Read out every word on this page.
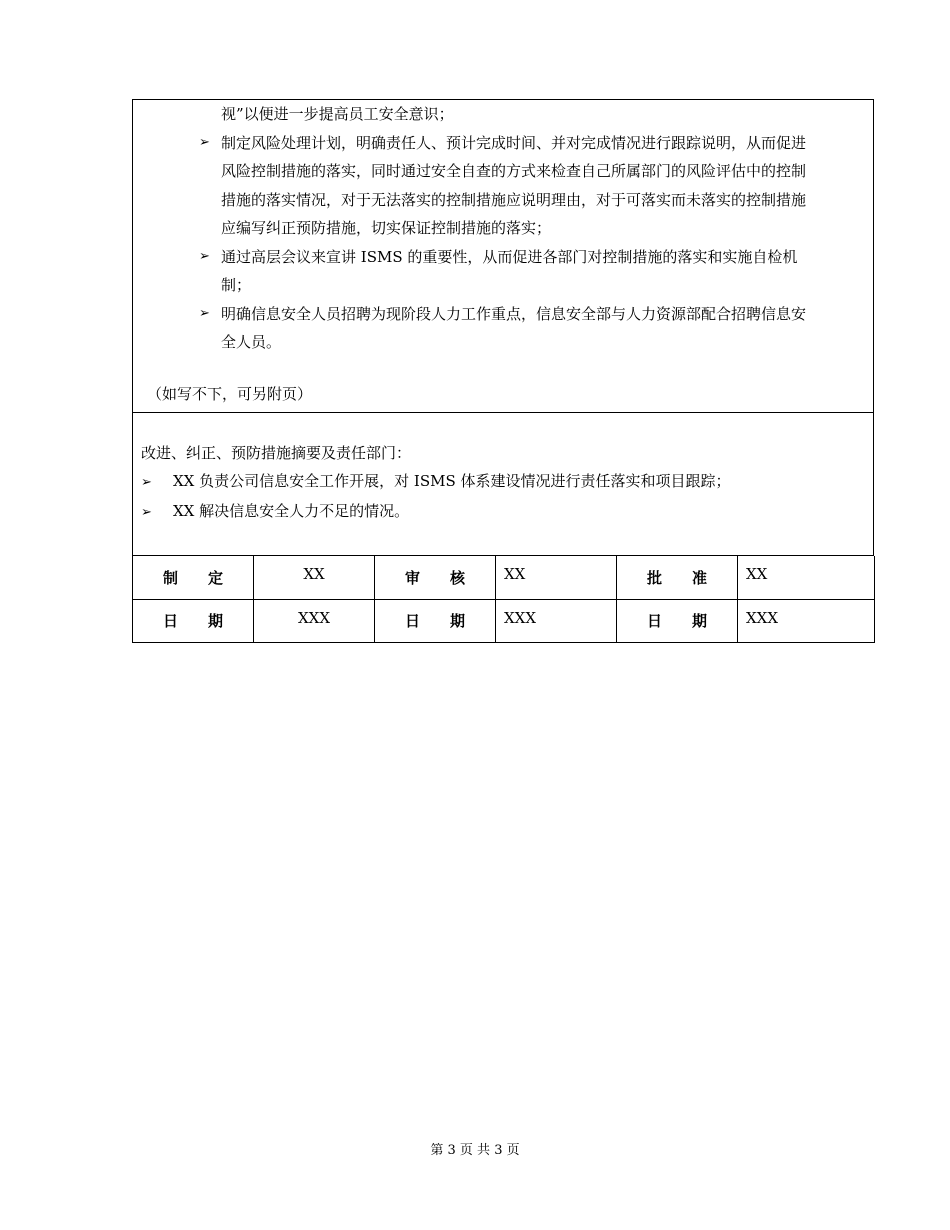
视”以便进一步提高员工安全意识；
➢ 制定风险处理计划，明确责任人、预计完成时间、并对完成情况进行跟踪说明，从而促进
风险控制措施的落实，同时通过安全自查的方式来检查自己所属部门的风险评估中的控制
措施的落实情况，对于无法落实的控制措施应说明理由，对于可落实而未落实的控制措施
应编写纠正预防措施，切实保证控制措施的落实；
➢ 通过高层会议来宣讲 ISMS 的重要性，从而促进各部门对控制措施的落实和实施自检机
制；
➢ 明确信息安全人员招聘为现阶段人力工作重点，信息安全部与人力资源部配合招聘信息安
全人员。
（如写不下，可另附页）
改进、纠正、预防措施摘要及责任部门：
➢ XX 负责公司信息安全工作开展，对 ISMS 体系建设情况进行责任落实和项目跟踪；
➢ XX 解决信息安全人力不足的情况。
制　　定	XX	审　　核	XX	批　　准	XX
日　　期	XXX	日　　期	XXX	日　　期	XXX
第 3 页 共 3 页
